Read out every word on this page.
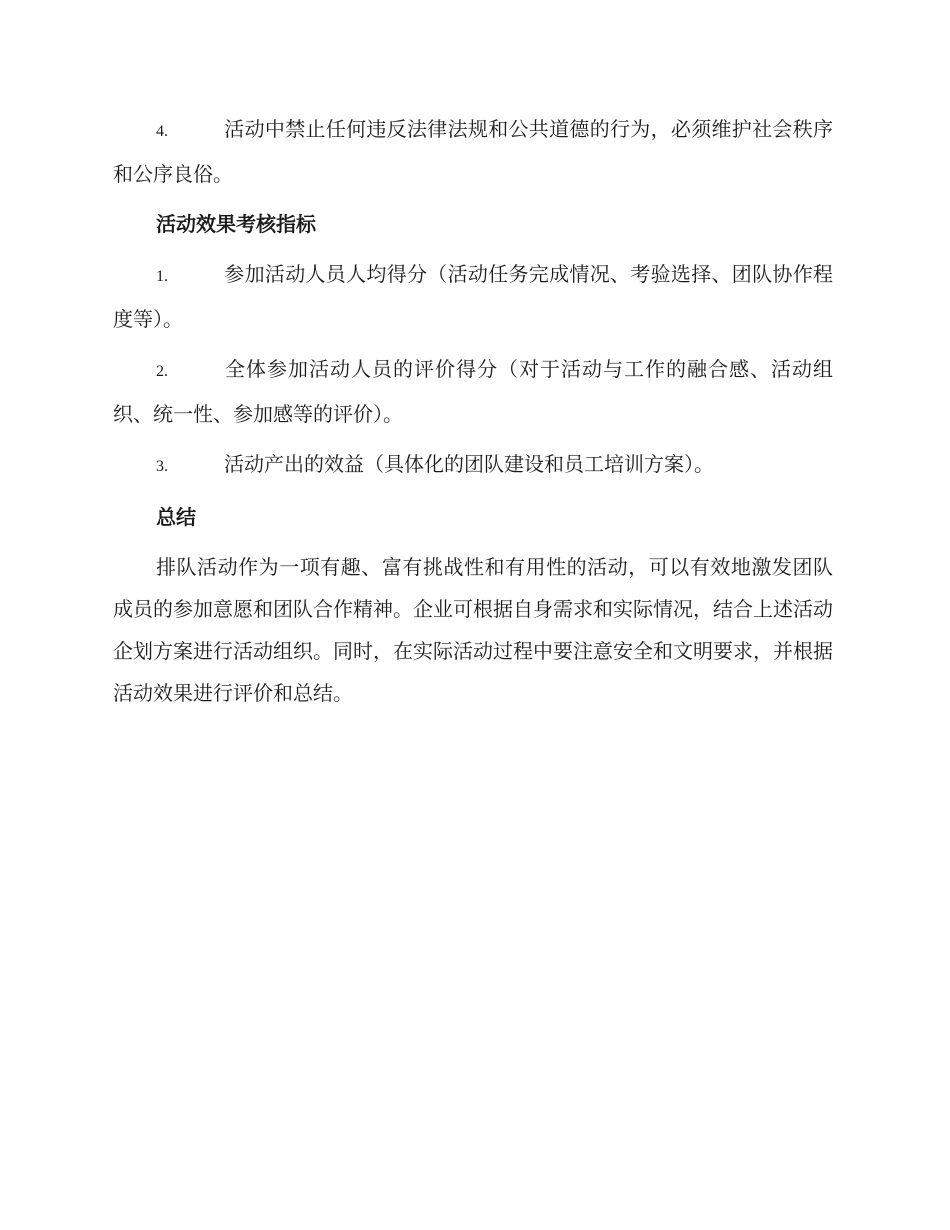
4.	活动中禁止任何违反法律法规和公共道德的行为，必须维护社会秩序和公序良俗。

活动效果考核指标

1.	参加活动人员人均得分（活动任务完成情况、考验选择、团队协作程度等）。

2.	全体参加活动人员的评价得分（对于活动与工作的融合感、活动组织、统一性、参加感等的评价）。

3.	活动产出的效益（具体化的团队建设和员工培训方案）。

总结

排队活动作为一项有趣、富有挑战性和有用性的活动，可以有效地激发团队成员的参加意愿和团队合作精神。企业可根据自身需求和实际情况，结合上述活动企划方案进行活动组织。同时，在实际活动过程中要注意安全和文明要求，并根据活动效果进行评价和总结。
